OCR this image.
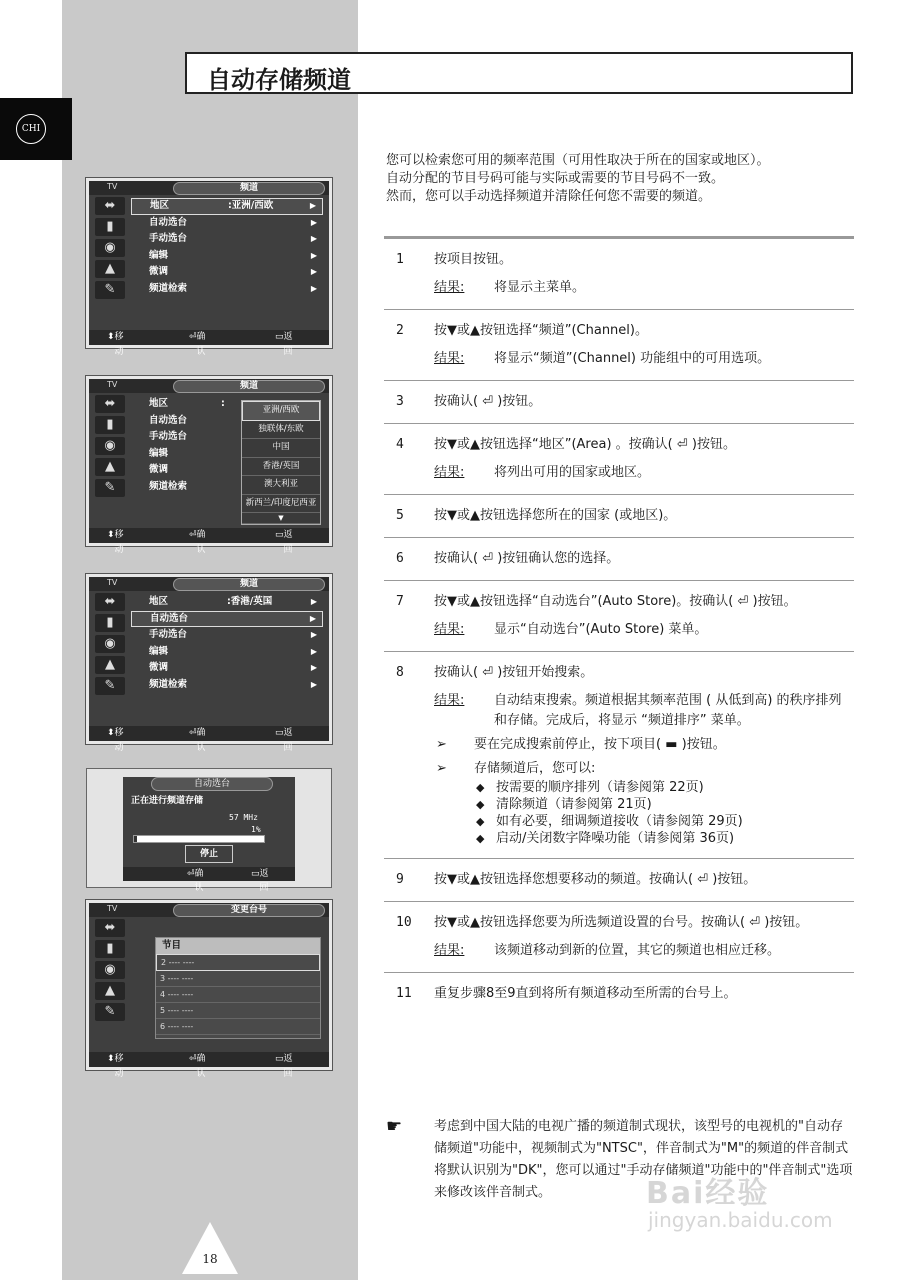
CHI
自动存储频道
TV	频道
⬌
▮
◉
▲
✎
地区	:亚洲/西欧	▶
自动选台	▶
手动选台	▶
编辑	▶
微调	▶
频道检索	▶
⬍ 移动
⏎ 确认
▭ 返回
TV	频道
⬌
▮
◉
▲
✎
地区	:
自动选台
手动选台
编辑
微调
频道检索
亚洲/西欧
独联体/东欧
中国
香港/英国
澳大利亚
新西兰/印度尼西亚
▼
⬍ 移动
⏎ 确认
▭ 返回
TV	频道
⬌
▮
◉
▲
✎
地区	:香港/英国	▶
自动选台	▶
手动选台	▶
编辑	▶
微调	▶
频道检索	▶
⬍ 移动
⏎ 确认
▭ 返回
自动选台
正在进行频道存储
57 MHz
1%
停止
⏎ 确认
▭ 返回
TV	变更台号
⬌
▮
◉
▲
✎
节目
2 ---- ----
3 ---- ----
4 ---- ----
5 ---- ----
6 ---- ----
⬍ 移动
⏎ 确认
▭ 返回
您可以检索您可用的频率范围（可用性取决于所在的国家或地区）。
自动分配的节目号码可能与实际或需要的节目号码不一致。
然而，您可以手动选择频道并清除任何您不需要的频道。
1 按项目按钮。
结果: 将显示主菜单。
2 按▼或▲按钮选择“频道”(Channel)。
结果: 将显示“频道”(Channel) 功能组中的可用选项。
3 按确认( ⏎ )按钮。
4 按▼或▲按钮选择“地区”(Area) 。按确认( ⏎ )按钮。
结果: 将列出可用的国家或地区。
5 按▼或▲按钮选择您所在的国家 (或地区)。
6 按确认( ⏎ )按钮确认您的选择。
7 按▼或▲按钮选择“自动选台”(Auto Store)。按确认( ⏎ )按钮。
结果: 显示“自动选台”(Auto Store) 菜单。
8 按确认( ⏎ )按钮开始搜索。
结果: 自动结束搜索。频道根据其频率范围 ( 从低到高) 的秩序排列和存储。完成后，将显示 “频道排序” 菜单。
➢ 要在完成搜索前停止，按下项目( ▬ )按钮。
➢ 存储频道后，您可以:
◆ 按需要的顺序排列（请参阅第 22页)
◆ 清除频道（请参阅第 21页)
◆ 如有必要，细调频道接收（请参阅第 29页)
◆ 启动/关闭数字降噪功能（请参阅第 36页)
9 按▼或▲按钮选择您想要移动的频道。按确认( ⏎ )按钮。
10 按▼或▲按钮选择您要为所选频道设置的台号。按确认( ⏎ )按钮。
结果: 该频道移动到新的位置，其它的频道也相应迁移。
11 重复步骤8至9直到将所有频道移动至所需的台号上。
☛ 考虑到中国大陆的电视广播的频道制式现状，该型号的电视机的"自动存储频道"功能中，视频制式为"NTSC"，伴音制式为"M"的频道的伴音制式将默认识别为"DK"，您可以通过"手动存储频道"功能中的"伴音制式"选项来修改该伴音制式。	Bai经验
jingyan.baidu.com
18
